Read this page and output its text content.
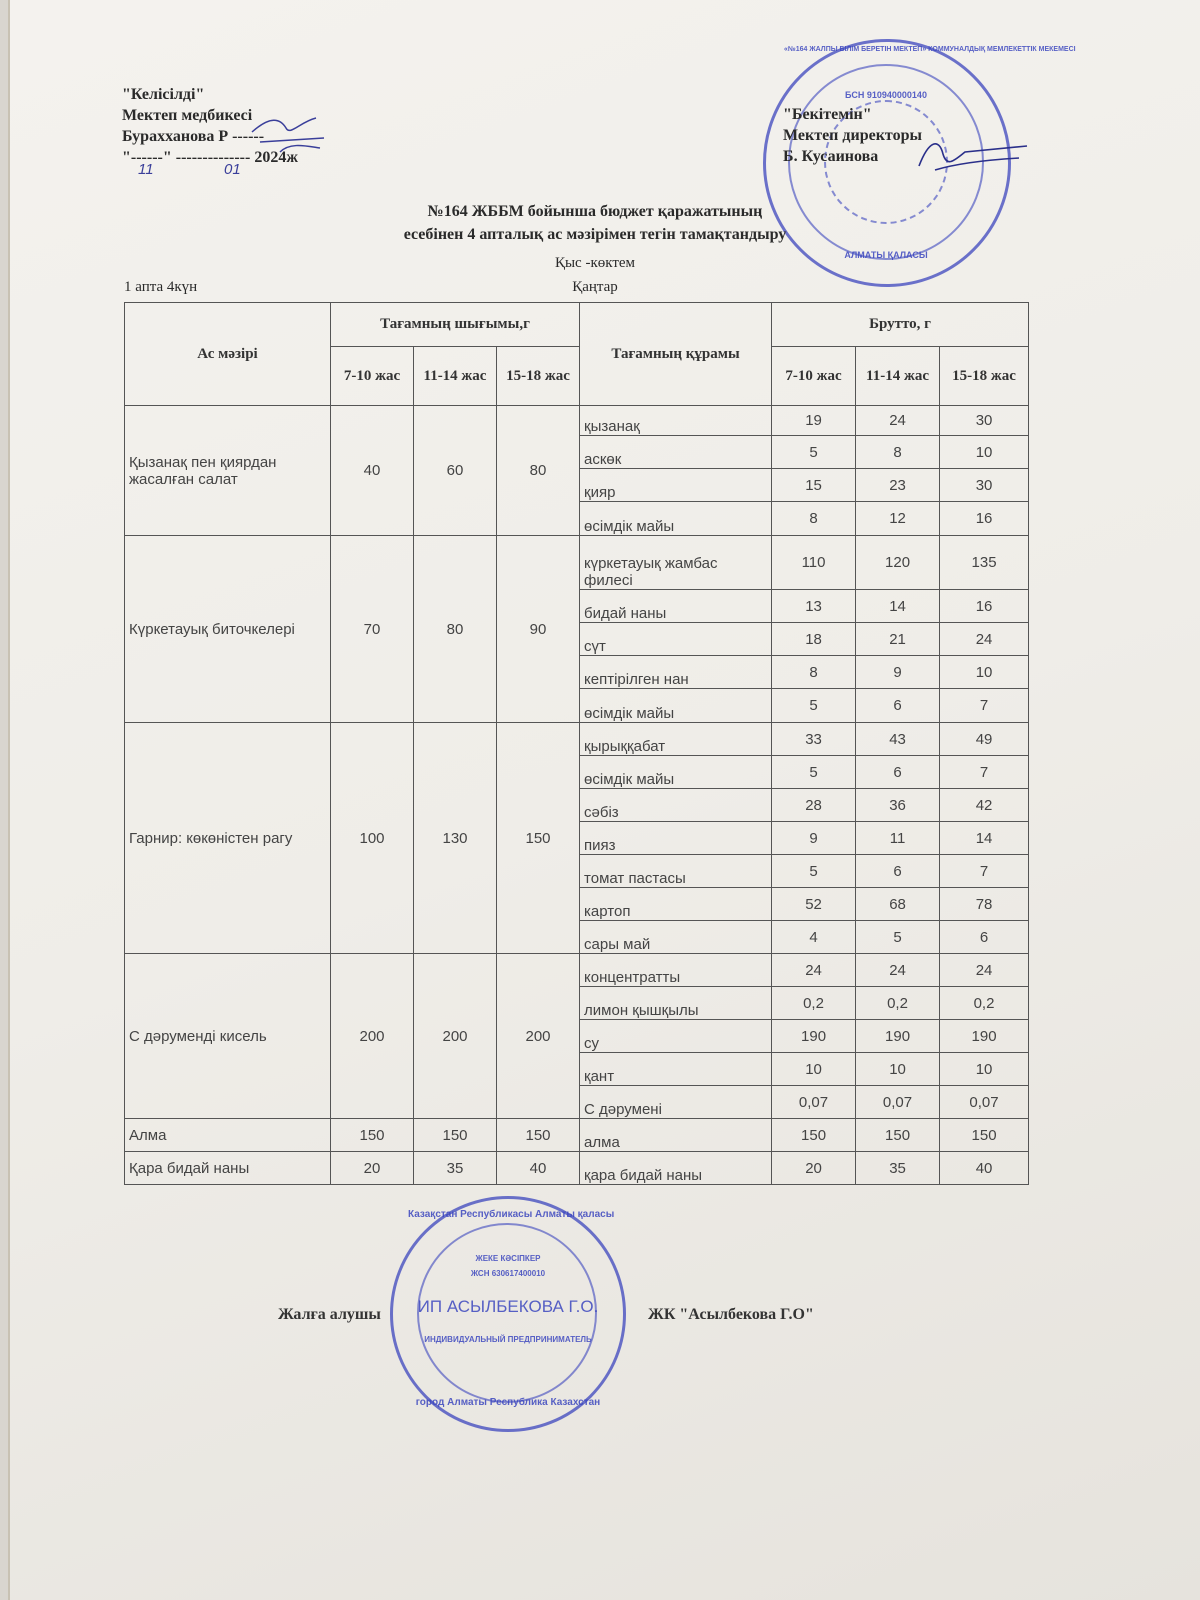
«№164 ЖАЛПЫ БІЛІМ БЕРЕТІН МЕКТЕП» КОММУНАЛДЫҚ МЕМЛЕКЕТТІК МЕКЕМЕСІ
БСН 910940000140
АЛМАТЫ ҚАЛАСЫ
"Келісілді"
Мектеп медбикесі
Бурахханова Р ------
"------" -------------- 2024ж
11	01
"Бекітемін"
Мектеп директоры
Б. Кусаинова
№164 ЖББМ бойынша бюджет қаражатының
есебінен 4 апталық ас мәзірімен тегін тамақтандыру
Қыс -көктем
1 апта 4күн	Қаңтар
Ас мәзірі	Тағамның шығымы,г			Тағамның құрамы	Брутто, г		
	7-10 жас	11-14 жас	15-18 жас		7-10 жас	11-14 жас	15-18 жас
Қызанақ пен қиярдан жасалған салат	40	60	80	қызанақ	19	24	30
				аскөк	5	8	10
				қияр	15	23	30
				өсімдік майы	8	12	16
Күркетауық биточкелері	70	80	90	күркетауық жамбас филесі	110	120	135
				бидай наны	13	14	16
				сүт	18	21	24
				кептірілген нан	8	9	10
				өсімдік майы	5	6	7
Гарнир: көкөністен рагу	100	130	150	қырыққабат	33	43	49
				өсімдік майы	5	6	7
				сәбіз	28	36	42
				пияз	9	11	14
				томат пастасы	5	6	7
				картоп	52	68	78
				сары май	4	5	6
С дәруменді кисель	200	200	200	концентратты	24	24	24
				лимон қышқылы	0,2	0,2	0,2
				су	190	190	190
				қант	10	10	10
				С дәрумені	0,07	0,07	0,07
Алма	150	150	150	алма	150	150	150
Қара бидай наны	20	35	40	қара бидай наны	20	35	40
Казақстан Республикасы Алматы қаласы
ЖЕКЕ КӘСІПКЕР
ЖСН 630617400010
ИП АСЫЛБЕКОВА Г.О.
ИНДИВИДУАЛЬНЫЙ ПРЕДПРИНИМАТЕЛЬ
город Алматы Республика Казахстан
Жалға алушы	ЖК "Асылбекова Г.О"
